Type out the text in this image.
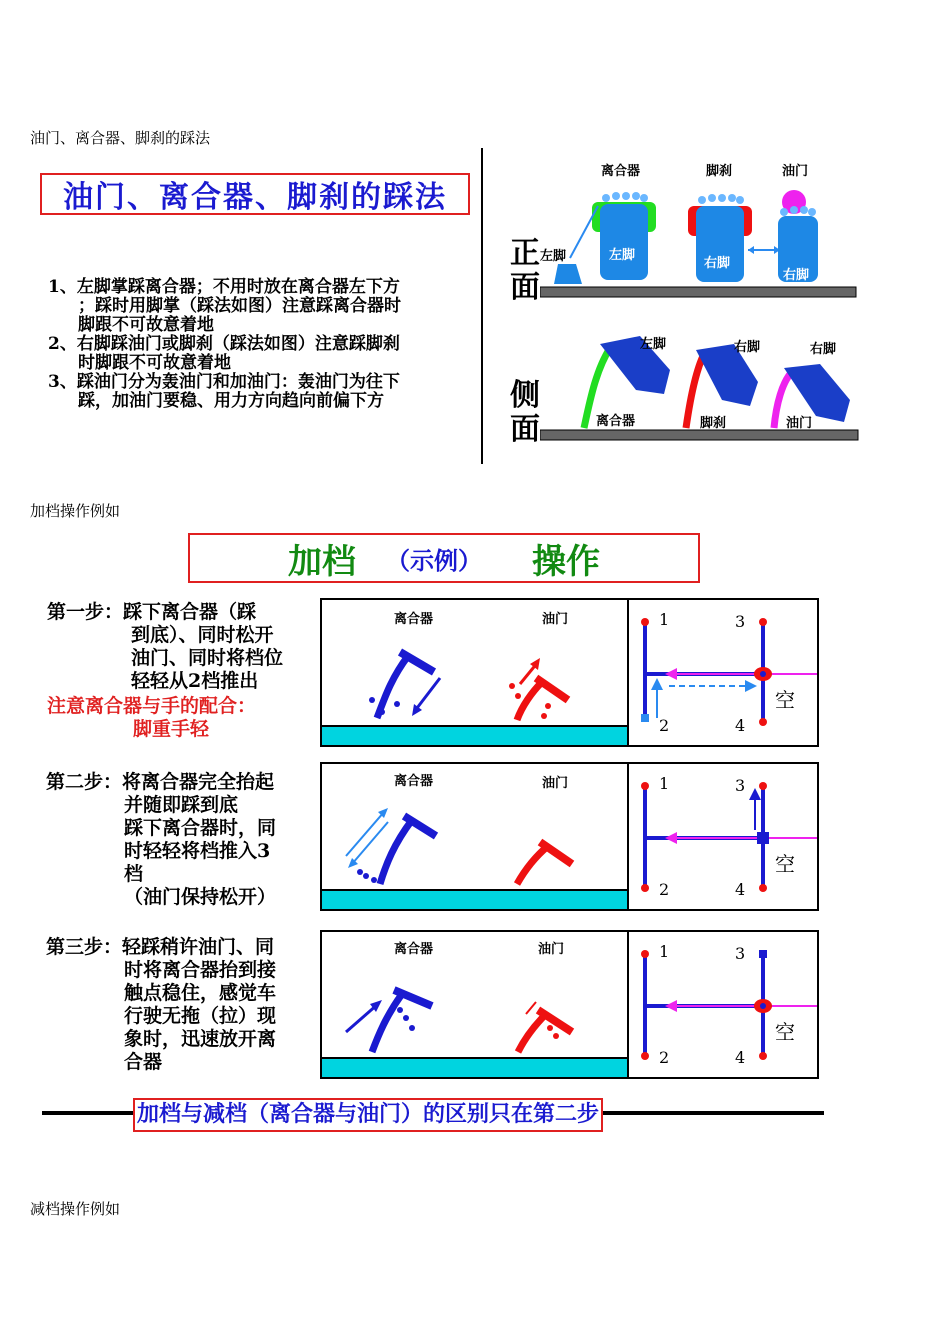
油门、离合器、脚刹的踩法
油门、离合器、脚刹的踩法
1、左脚掌踩离合器；不用时放在离合器左下方
；踩时用脚掌（踩法如图）注意踩离合器时
脚跟不可故意着地
2、右脚踩油门或脚刹（踩法如图）注意踩脚刹
时脚跟不可故意着地
3、踩油门分为轰油门和加油门：轰油门为往下
踩，加油门要稳、用力方向趋向前偏下方
正
面
离合器	脚刹	油门
左脚	左脚
右脚
右脚
侧
面
左脚	右脚	右脚
离合器	脚刹	油门
加档操作例如
加档 （示例） 操作
第一步：踩下离合器（踩
到底）、同时松开
油门、同时将档位
轻轻从2档推出
注意离合器与手的配合：
脚重手轻
第二步：将离合器完全抬起
并随即踩到底
踩下离合器时，同
时轻轻将档推入3
档
（油门保持松开）
第三步：轻踩稍许油门、同
时将离合器抬到接
触点稳住，感觉车
行驶无拖（拉）现
象时，迅速放开离
合器
离合器	油门	1	3
2	4
空
离合器	油门	1	3
2	4
空
离合器	油门	1	3
2	4
空
加档与减档（离合器与油门）的区别只在第二步
减档操作例如
